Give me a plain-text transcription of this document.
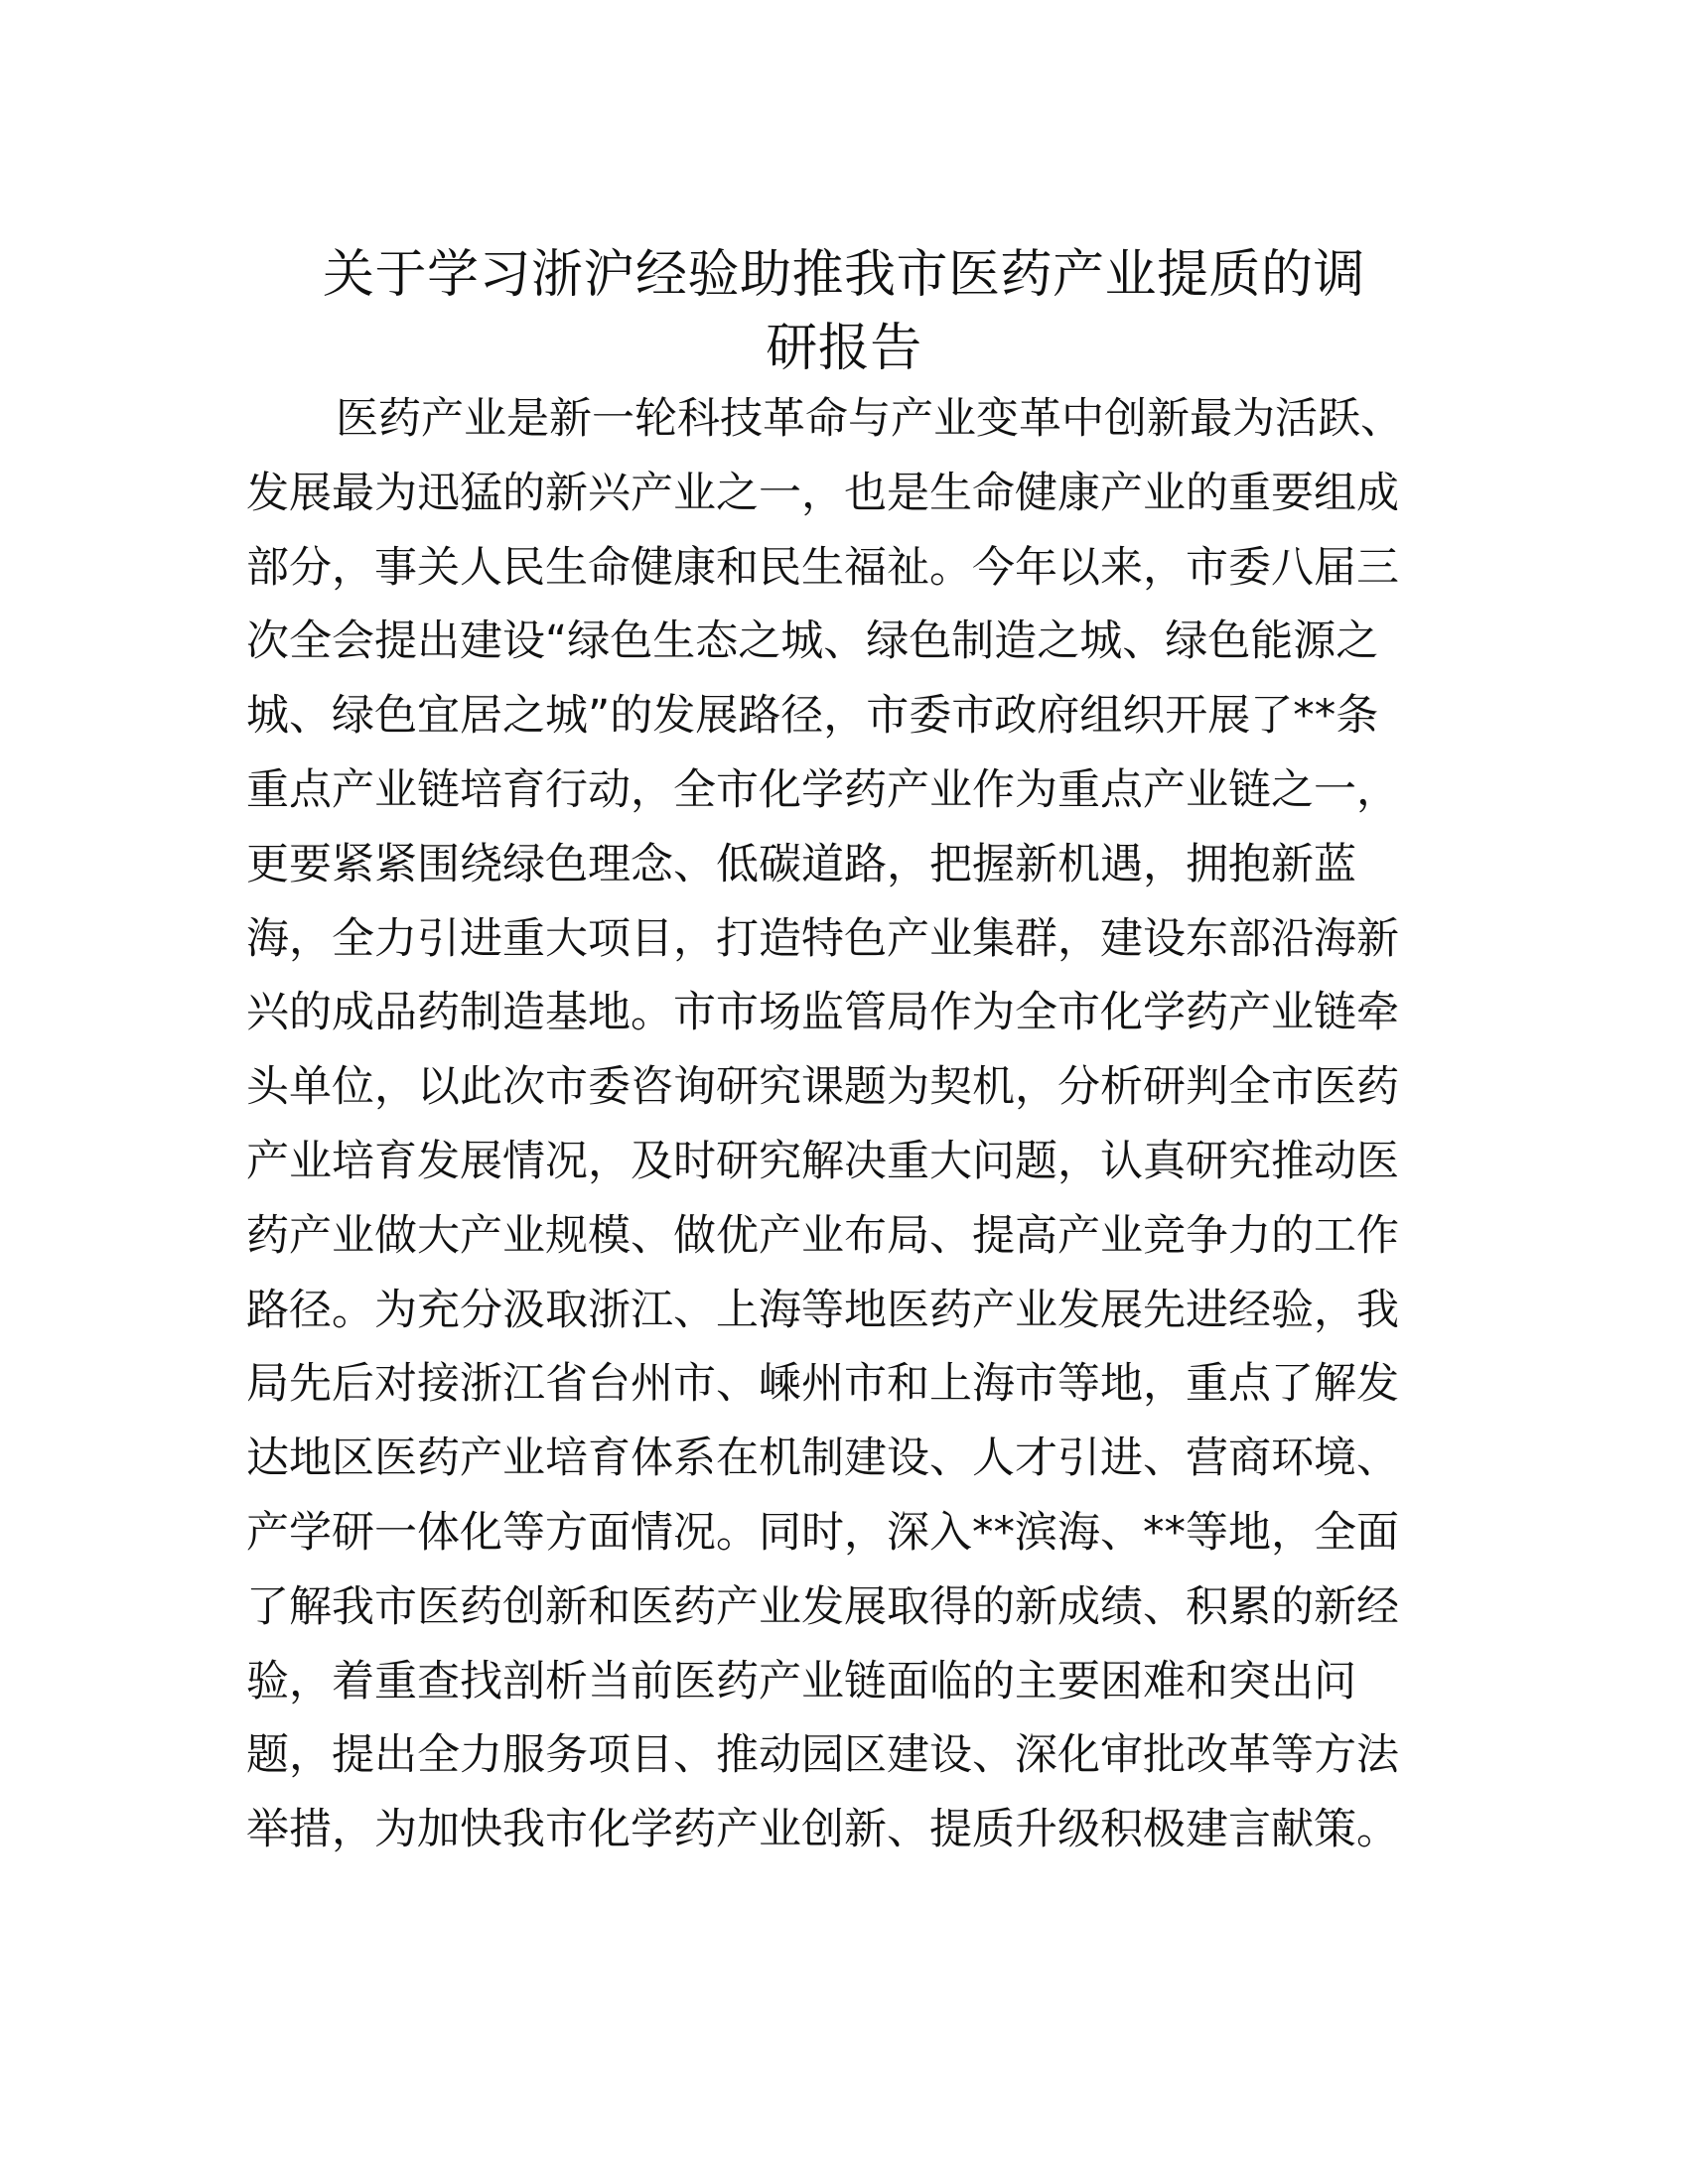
关于学习浙沪经验助推我市医药产业提质的调
研报告
医药产业是新一轮科技革命与产业变革中创新最为活跃、
发展最为迅猛的新兴产业之一，也是生命健康产业的重要组成
部分，事关人民生命健康和民生福祉。今年以来，市委八届三
次全会提出建设“绿色生态之城、绿色制造之城、绿色能源之
城、绿色宜居之城”的发展路径，市委市政府组织开展了**条
重点产业链培育行动，全市化学药产业作为重点产业链之一，
更要紧紧围绕绿色理念、低碳道路，把握新机遇，拥抱新蓝
海，全力引进重大项目，打造特色产业集群，建设东部沿海新
兴的成品药制造基地。市市场监管局作为全市化学药产业链牵
头单位，以此次市委咨询研究课题为契机，分析研判全市医药
产业培育发展情况，及时研究解决重大问题，认真研究推动医
药产业做大产业规模、做优产业布局、提高产业竞争力的工作
路径。为充分汲取浙江、上海等地医药产业发展先进经验，我
局先后对接浙江省台州市、嵊州市和上海市等地，重点了解发
达地区医药产业培育体系在机制建设、人才引进、营商环境、
产学研一体化等方面情况。同时，深入**滨海、**等地，全面
了解我市医药创新和医药产业发展取得的新成绩、积累的新经
验，着重查找剖析当前医药产业链面临的主要困难和突出问
题，提出全力服务项目、推动园区建设、深化审批改革等方法
举措，为加快我市化学药产业创新、提质升级积极建言献策。
